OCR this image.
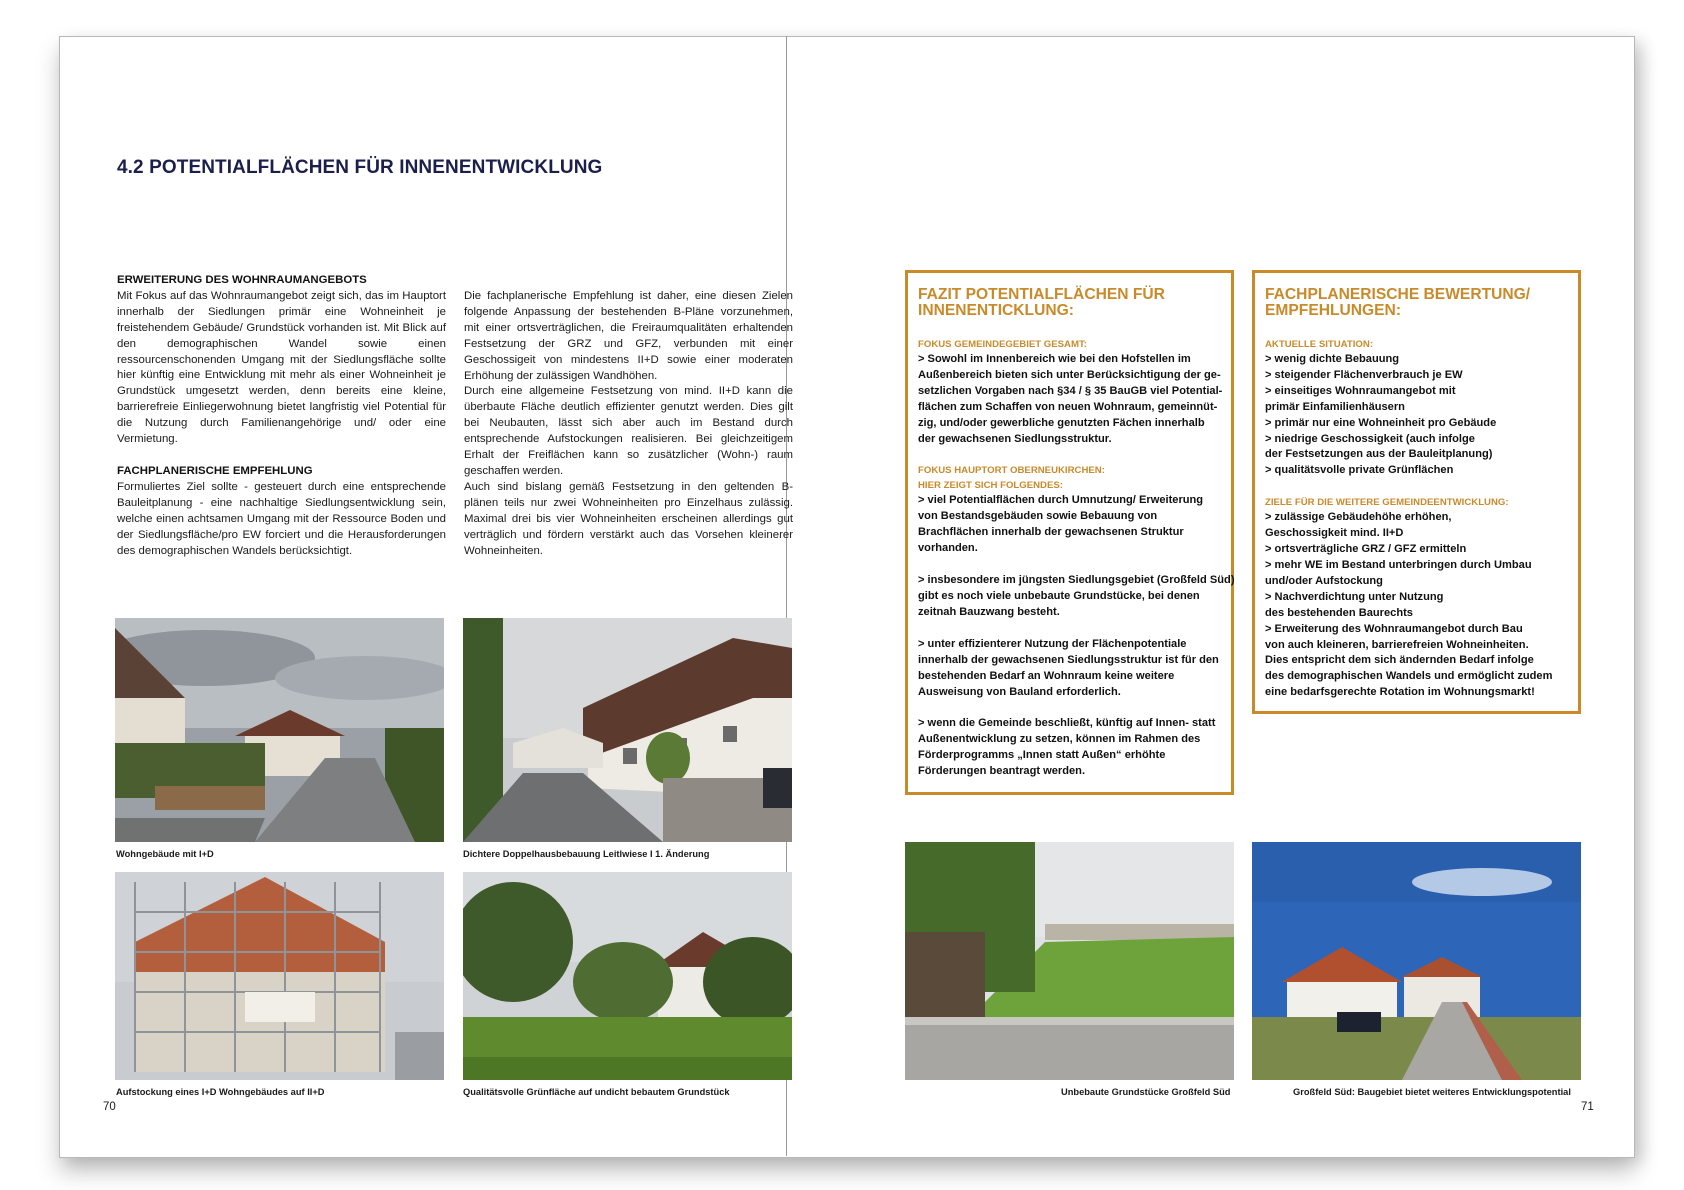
4.2 POTENTIALFLÄCHEN FÜR INNENENTWICKLUNG
ERWEITERUNG DES WOHNRAUMANGEBOTS

Mit Fokus auf das Wohnraumangebot zeigt sich, das im Hauptort innerhalb der Siedlungen primär eine Wohneinheit je freistehendem Gebäude/ Grundstück vorhanden ist. Mit Blick auf den demographischen Wandel sowie einen ressourcenschonenden Umgang mit der Siedlungsfläche sollte hier künftig eine Entwicklung mit mehr als einer Wohneinheit je Grundstück umgesetzt werden, denn bereits eine kleine, barrierefreie Einliegerwohnung bietet langfristig viel Potential für die Nutzung durch Familienangehörige und/ oder eine Vermietung.

FACHPLANERISCHE EMPFEHLUNG

Formuliertes Ziel sollte - gesteuert durch eine entsprechende Bauleitplanung - eine nachhaltige Siedlungsentwicklung sein, welche einen achtsamen Umgang mit der Ressource Boden und der Siedlungsfläche/pro EW forciert und die Herausforderungen des demographischen Wandels berücksichtigt.

Die fachplanerische Empfehlung ist daher, eine diesen Zielen folgende Anpassung der bestehenden B-Pläne vorzunehmen, mit einer ortsverträglichen, die Freiraumqualitäten erhaltenden Festsetzung der GRZ und GFZ, verbunden mit einer Geschossigeit von mindestens II+D sowie einer moderaten Erhöhung der zulässigen Wandhöhen.

Durch eine allgemeine Festsetzung von mind. II+D kann die überbaute Fläche deutlich effizienter genutzt werden. Dies gilt bei Neubauten, lässt sich aber auch im Bestand durch entsprechende Aufstockungen realisieren. Bei gleichzeitigem Erhalt der Freiflächen kann so zusätzlicher (Wohn-) raum geschaffen werden.

Auch sind bislang gemäß Festsetzung in den geltenden B-plänen teils nur zwei Wohneinheiten pro Einzelhaus zulässig. Maximal drei bis vier Wohneinheiten erscheinen allerdings gut verträglich und fördern verstärkt auch das Vorsehen kleinerer Wohneinheiten.

Wohngebäude mit I+D	Dichtere Doppelhausbebauung Leitlwiese I 1. Änderung

Aufstockung eines I+D Wohngebäudes auf II+D	Qualitätsvolle Grünfläche auf undicht bebautem Grundstück

70

FAZIT POTENTIALFLÄCHEN FÜR INNENENTICKLUNG:

FOKUS GEMEINDEGEBIET GESAMT:

> Sowohl im Innenbereich wie bei den Hofstellen im

Außenbereich bieten sich unter Berücksichtigung der ge-

setzlichen Vorgaben nach §34 / § 35 BauGB viel Potential-

flächen zum Schaffen von neuen Wohnraum, gemeinnüt-

zig, und/oder gewerbliche genutzten Fächen innerhalb

der gewachsenen Siedlungsstruktur.

FOKUS HAUPTORT OBERNEUKIRCHEN:

HIER ZEIGT SICH FOLGENDES:

> viel Potentialflächen durch Umnutzung/ Erweiterung

von Bestandsgebäuden sowie Bebauung von

Brachflächen innerhalb der gewachsenen Struktur

vorhanden.

> insbesondere im jüngsten Siedlungsgebiet (Großfeld Süd)

gibt es noch viele unbebaute Grundstücke, bei denen

zeitnah Bauzwang besteht.

> unter effizienterer Nutzung der Flächenpotentiale

innerhalb der gewachsenen Siedlungsstruktur ist für den

bestehenden Bedarf an Wohnraum keine weitere

Ausweisung von Bauland erforderlich.

> wenn die Gemeinde beschließt, künftig auf Innen- statt

Außenentwicklung zu setzen, können im Rahmen des

Förderprogramms „Innen statt Außen“ erhöhte

Förderungen beantragt werden.

FACHPLANERISCHE BEWERTUNG/ EMPFEHLUNGEN:

AKTUELLE SITUATION:

> wenig dichte Bebauung

> steigender Flächenverbrauch je EW

> einseitiges Wohnraumangebot mit

primär Einfamilienhäusern

> primär nur eine Wohneinheit pro Gebäude

> niedrige Geschossigkeit (auch infolge

der Festsetzungen aus der Bauleitplanung)

> qualitätsvolle private Grünflächen

ZIELE FÜR DIE WEITERE GEMEINDEENTWICKLUNG:

> zulässige Gebäudehöhe erhöhen,

Geschossigkeit mind. II+D

> ortsverträgliche GRZ / GFZ ermitteln

> mehr WE im Bestand unterbringen durch Umbau

und/oder Aufstockung

> Nachverdichtung unter Nutzung

des bestehenden Baurechts

> Erweiterung des Wohnraumangebot durch Bau

von auch kleineren, barrierefreien Wohneinheiten.

Dies entspricht dem sich ändernden Bedarf infolge

des demographischen Wandels und ermöglicht zudem

eine bedarfsgerechte Rotation im Wohnungsmarkt!

Unbebaute Grundstücke Großfeld Süd	Großfeld Süd: Baugebiet bietet weiteres Entwicklungspotential

71
